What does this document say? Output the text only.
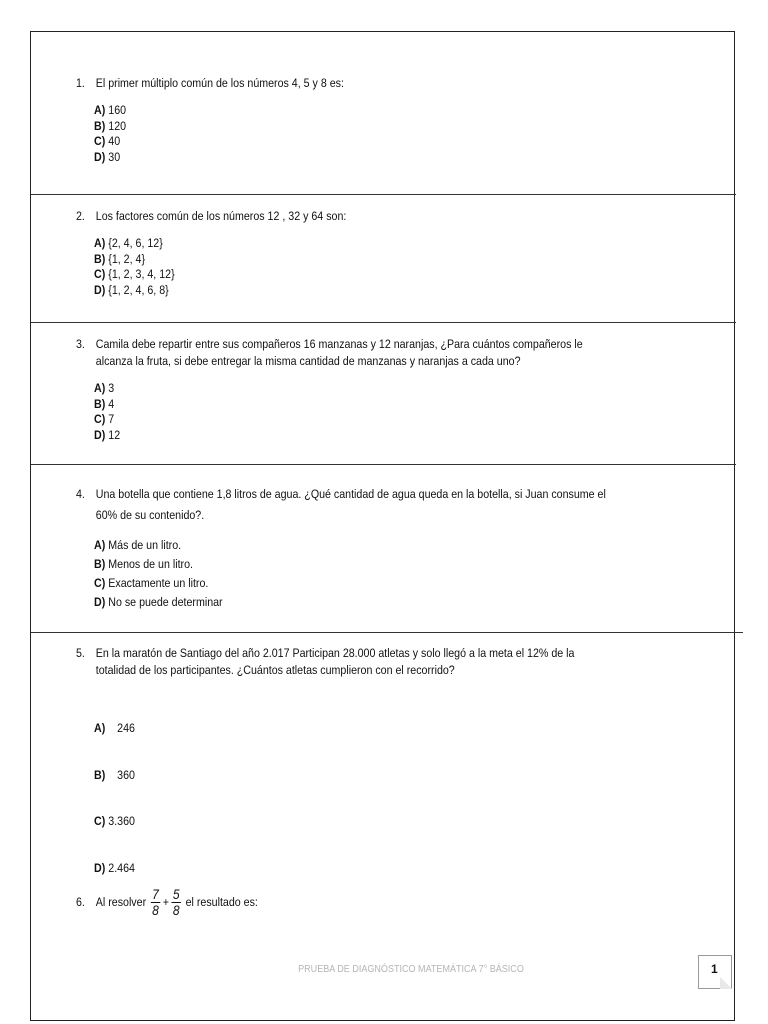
1. El primer múltiplo común de los números 4, 5 y 8 es:
A) 160
B) 120
C) 40
D) 30
2. Los factores común de los números 12 , 32 y 64 son:
A) {2, 4, 6, 12}
B) {1, 2, 4}
C) {1, 2, 3, 4, 12}
D) {1, 2, 4, 6, 8}
3. Camila debe repartir entre sus compañeros 16 manzanas y 12 naranjas, ¿Para cuántos compañeros le alcanza la fruta, si debe entregar la misma cantidad de manzanas y naranjas a cada uno?
A) 3
B) 4
C) 7
D) 12
4. Una botella que contiene 1,8 litros de agua. ¿Qué cantidad de agua queda en la botella, si Juan consume el 60% de su contenido?.
A) Más de un litro.
B) Menos de un litro.
C) Exactamente un litro.
D) No se puede determinar
5. En la maratón de Santiago del año 2.017 Participan 28.000 atletas y solo llegó a la meta el 12% de la totalidad de los participantes. ¿Cuántos atletas cumplieron con el recorrido?

A)    246

B)    360

C) 3.360

D) 2.464

6. Al resolver $\frac{7}{8} + \frac{5}{8}$ el resultado es:
PRUEBA DE DIAGNÓSTICO MATEMÁTICA 7° BÁSICO	1
